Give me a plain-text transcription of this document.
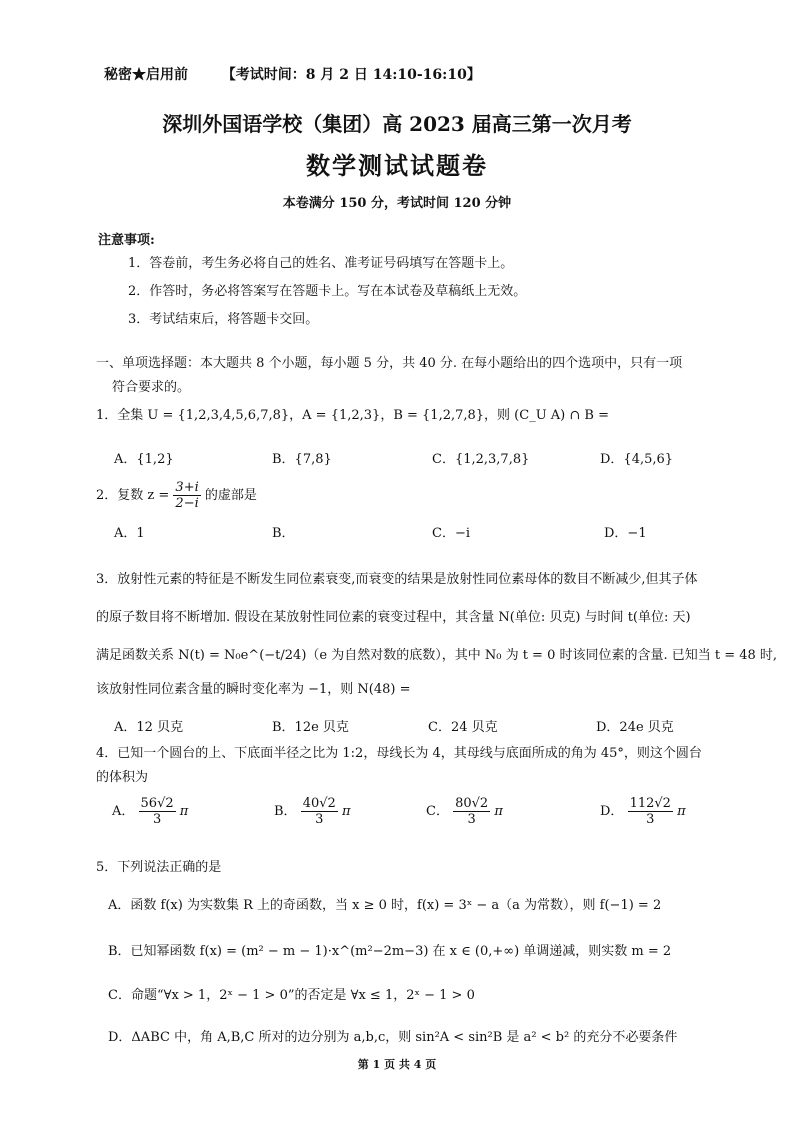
秘密★启用前 【考试时间：8 月 2 日 14:10-16:10】
深圳外国语学校（集团）高 2023 届高三第一次月考
数学测试试题卷
本卷满分 150 分，考试时间 120 分钟
注意事项:
1．答卷前，考生务必将自己的姓名、准考证号码填写在答题卡上。
2．作答时，务必将答案写在答题卡上。写在本试卷及草稿纸上无效。
3．考试结束后，将答题卡交回。
一、单项选择题：本大题共 8 个小题，每小题 5 分，共 40 分. 在每小题给出的四个选项中，只有一项
符合要求的。
1．全集 U = {1,2,3,4,5,6,7,8}，A = {1,2,3}，B = {1,2,7,8}，则 (C_U A) ∩ B =
A．{1,2}	B．{7,8}	C．{1,2,3,7,8}	D．{4,5,6}
2．复数 $z = \frac{3+i}{2-i}$ 的虚部是
A．1	B．	C．−i	D．−1
3．放射性元素的特征是不断发生同位素衰变,而衰变的结果是放射性同位素母体的数目不断减少,但其子体
的原子数目将不断增加. 假设在某放射性同位素的衰变过程中，其含量 N(单位: 贝克) 与时间 t(单位: 天)
满足函数关系 N(t) = N₀e^(−t/24)（e 为自然对数的底数），其中 N₀ 为 t = 0 时该同位素的含量. 已知当 t = 48 时,
该放射性同位素含量的瞬时变化率为 −1，则 N(48) =
A．12 贝克	B．12e 贝克	C．24 贝克	D．24e 贝克
4．已知一个圆台的上、下底面半径之比为 1:2，母线长为 4，其母线与底面所成的角为 45°，则这个圆台
的体积为
A． $\frac{56√2}{3}$ π	B． $\frac{40√2}{3}$ π	C． $\frac{80√2}{3}$ π	D． $\frac{112√2}{3}$ π
5．下列说法正确的是
A．函数 f(x) 为实数集 R 上的奇函数，当 x ≥ 0 时，f(x) = 3ˣ − a（a 为常数），则 f(−1) = 2
B．已知幂函数 f(x) = (m² − m − 1)·x^(m²−2m−3) 在 x ∈ (0,+∞) 单调递减，则实数 m = 2
C．命题“∀x > 1，2ˣ − 1 > 0”的否定是 ∀x ≤ 1，2ˣ − 1 > 0
D．ΔABC 中，角 A,B,C 所对的边分别为 a,b,c，则 sin²A < sin²B 是 a² < b² 的充分不必要条件
第 1 页 共 4 页
